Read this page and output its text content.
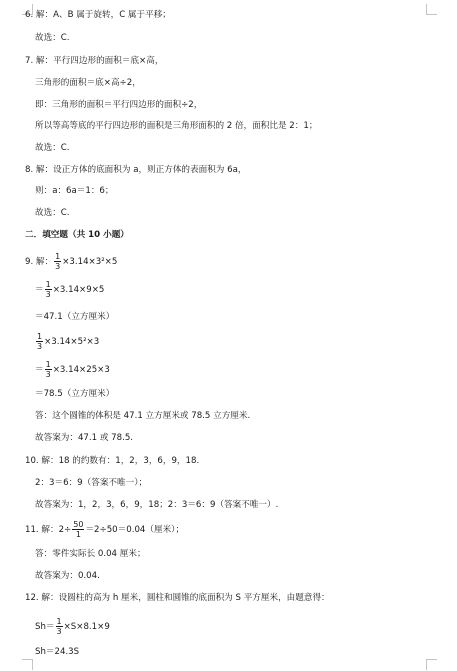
6. 解：A、B 属于旋转，C 属于平移；
故选：C.
7. 解：平行四边形的面积＝底×高，
三角形的面积＝底×高÷2，
即：三角形的面积＝平行四边形的面积÷2，
所以等高等底的平行四边形的面积是三角形面积的 2 倍，面积比是 2：1；
故选：C.
8. 解：设正方体的底面积为 a，则正方体的表面积为 6a，
则：a：6a＝1：6；
故选：C.
二．填空题（共 10 小题）
9. 解： $\frac{1}{3} \times 3.14\times 3^2\times 5$
＝ $\frac{1}{3} \times 3.14\times 9\times 5$
＝47.1（立方厘米）
$\frac{1}{3} \times 3.14\times 5^2\times 3$
＝ $\frac{1}{3} \times 3.14\times 25\times 3$
＝78.5（立方厘米）
答：这个圆锥的体积是 47.1 立方厘米或 78.5 立方厘米.
故答案为：47.1 或 78.5.
10. 解：18 的约数有：1，2，3，6，9，18.
2：3＝6：9（答案不唯一）；
故答案为：1，2，3，6，9，18；2：3＝6：9（答案不唯一）.
11. 解：$2\div \frac{50}{1} =2\div 50=0.04$（厘米）；
答：零件实际长 0.04 厘米；
故答案为：0.04.
12. 解：设圆柱的高为 h 厘米，圆柱和圆锥的底面积为 S 平方厘米，由题意得：
$Sh= \frac{1}{3} \times S\times 8.1\times 9$
Sh＝24.3S
